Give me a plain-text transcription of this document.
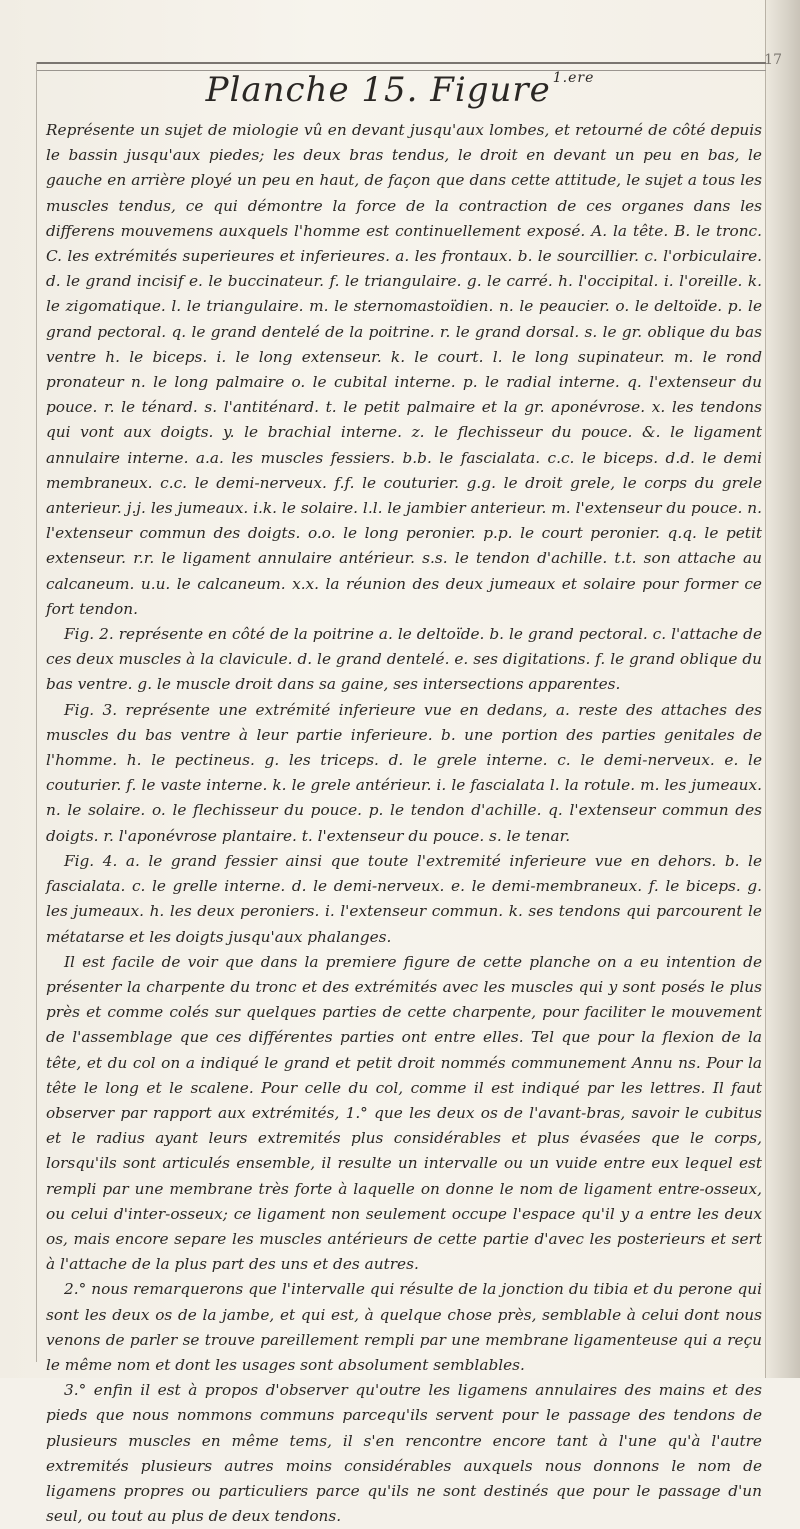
17
Planche 15. Figure $^{1.ere}$

Représente un sujet de miologie vû en devant jusqu'aux lombes, et retourné de côté depuis le bassin jusqu'aux piedes; les deux bras tendus, le droit en devant un peu en bas, le gauche en arrière ployé un peu en haut, de façon que dans cette attitude, le sujet a tous les muscles tendus, ce qui démontre la force de la contraction de ces organes dans les differens mouvemens auxquels l'homme est continuellement exposé. A. la tête. B. le tronc. C. les extrémités superieures et inferieures. a. les frontaux. b. le sourcillier. c. l'orbiculaire. d. le grand incisif e. le buccinateur. f. le triangulaire. g. le carré. h. l'occipital. i. l'oreille. k. le zigomatique. l. le triangulaire. m. le sternomastoïdien. n. le peaucier. o. le deltoïde. p. le grand pectoral. q. le grand dentelé de la poitrine. r. le grand dorsal. s. le gr. oblique du bas ventre h. le biceps. i. le long extenseur. k. le court. l. le long supinateur. m. le rond pronateur n. le long palmaire o. le cubital interne. p. le radial interne. q. l'extenseur du pouce. r. le ténard. s. l'antiténard. t. le petit palmaire et la gr. aponévrose. x. les tendons qui vont aux doigts. y. le brachial interne. z. le flechisseur du pouce. &. le ligament annulaire interne. a.a. les muscles fessiers. b.b. le fascialata. c.c. le biceps. d.d. le demi membraneux. c.c. le demi-nerveux. f.f. le couturier. g.g. le droit grele, le corps du grele anterieur. j.j. les jumeaux. i.k. le solaire. l.l. le jambier anterieur. m. l'extenseur du pouce. n. l'extenseur commun des doigts. o.o. le long peronier. p.p. le court peronier. q.q. le petit extenseur. r.r. le ligament annulaire antérieur. s.s. le tendon d'achille. t.t. son attache au calcaneum. u.u. le calcaneum. x.x. la réunion des deux jumeaux et solaire pour former ce fort tendon.

Fig. 2. représente en côté de la poitrine a. le deltoïde. b. le grand pectoral. c. l'attache de ces deux muscles à la clavicule. d. le grand dentelé. e. ses digitations. f. le grand oblique du bas ventre. g. le muscle droit dans sa gaine, ses intersections apparentes.

Fig. 3. représente une extrémité inferieure vue en dedans, a. reste des attaches des muscles du bas ventre à leur partie inferieure. b. une portion des parties genitales de l'homme. h. le pectineus. g. les triceps. d. le grele interne. c. le demi-nerveux. e. le couturier. f. le vaste interne. k. le grele antérieur. i. le fascialata l. la rotule. m. les jumeaux. n. le solaire. o. le flechisseur du pouce. p. le tendon d'achille. q. l'extenseur commun des doigts. r. l'aponévrose plantaire. t. l'extenseur du pouce. s. le tenar.

Fig. 4. a. le grand fessier ainsi que toute l'extremité inferieure vue en dehors. b. le fascialata. c. le grelle interne. d. le demi-nerveux. e. le demi-membraneux. f. le biceps. g. les jumeaux. h. les deux peroniers. i. l'extenseur commun. k. ses tendons qui parcourent le métatarse et les doigts jusqu'aux phalanges.

Il est facile de voir que dans la premiere figure de cette planche on a eu intention de présenter la charpente du tronc et des extrémités avec les muscles qui y sont posés le plus près et comme colés sur quelques parties de cette charpente, pour faciliter le mouvement de l'assemblage que ces différentes parties ont entre elles. Tel que pour la flexion de la tête, et du col on a indiqué le grand et petit droit nommés communement Annu ns. Pour la tête le long et le scalene. Pour celle du col, comme il est indiqué par les lettres. Il faut observer par rapport aux extrémités, 1.° que les deux os de l'avant-bras, savoir le cubitus et le radius ayant leurs extremités plus considérables et plus évasées que le corps, lorsqu'ils sont articulés ensemble, il resulte un intervalle ou un vuide entre eux lequel est rempli par une membrane très forte à laquelle on donne le nom de ligament entre-osseux, ou celui d'inter-osseux; ce ligament non seulement occupe l'espace qu'il y a entre les deux os, mais encore separe les muscles antérieurs de cette partie d'avec les posterieurs et sert à l'attache de la plus part des uns et des autres.

2.° nous remarquerons que l'intervalle qui résulte de la jonction du tibia et du perone qui sont les deux os de la jambe, et qui est, à quelque chose près, semblable à celui dont nous venons de parler se trouve pareillement rempli par une membrane ligamenteuse qui a reçu le même nom et dont les usages sont absolument semblables.

3.° enfin il est à propos d'observer qu'outre les ligamens annulaires des mains et des pieds que nous nommons communs parcequ'ils servent pour le passage des tendons de plusieurs muscles en même tems, il s'en rencontre encore tant à l'une qu'à l'autre extremités plusieurs autres moins considérables auxquels nous donnons le nom de ligamens propres ou particuliers parce qu'ils ne sont destinés que pour le passage d'un seul, ou tout au plus de deux tendons.
